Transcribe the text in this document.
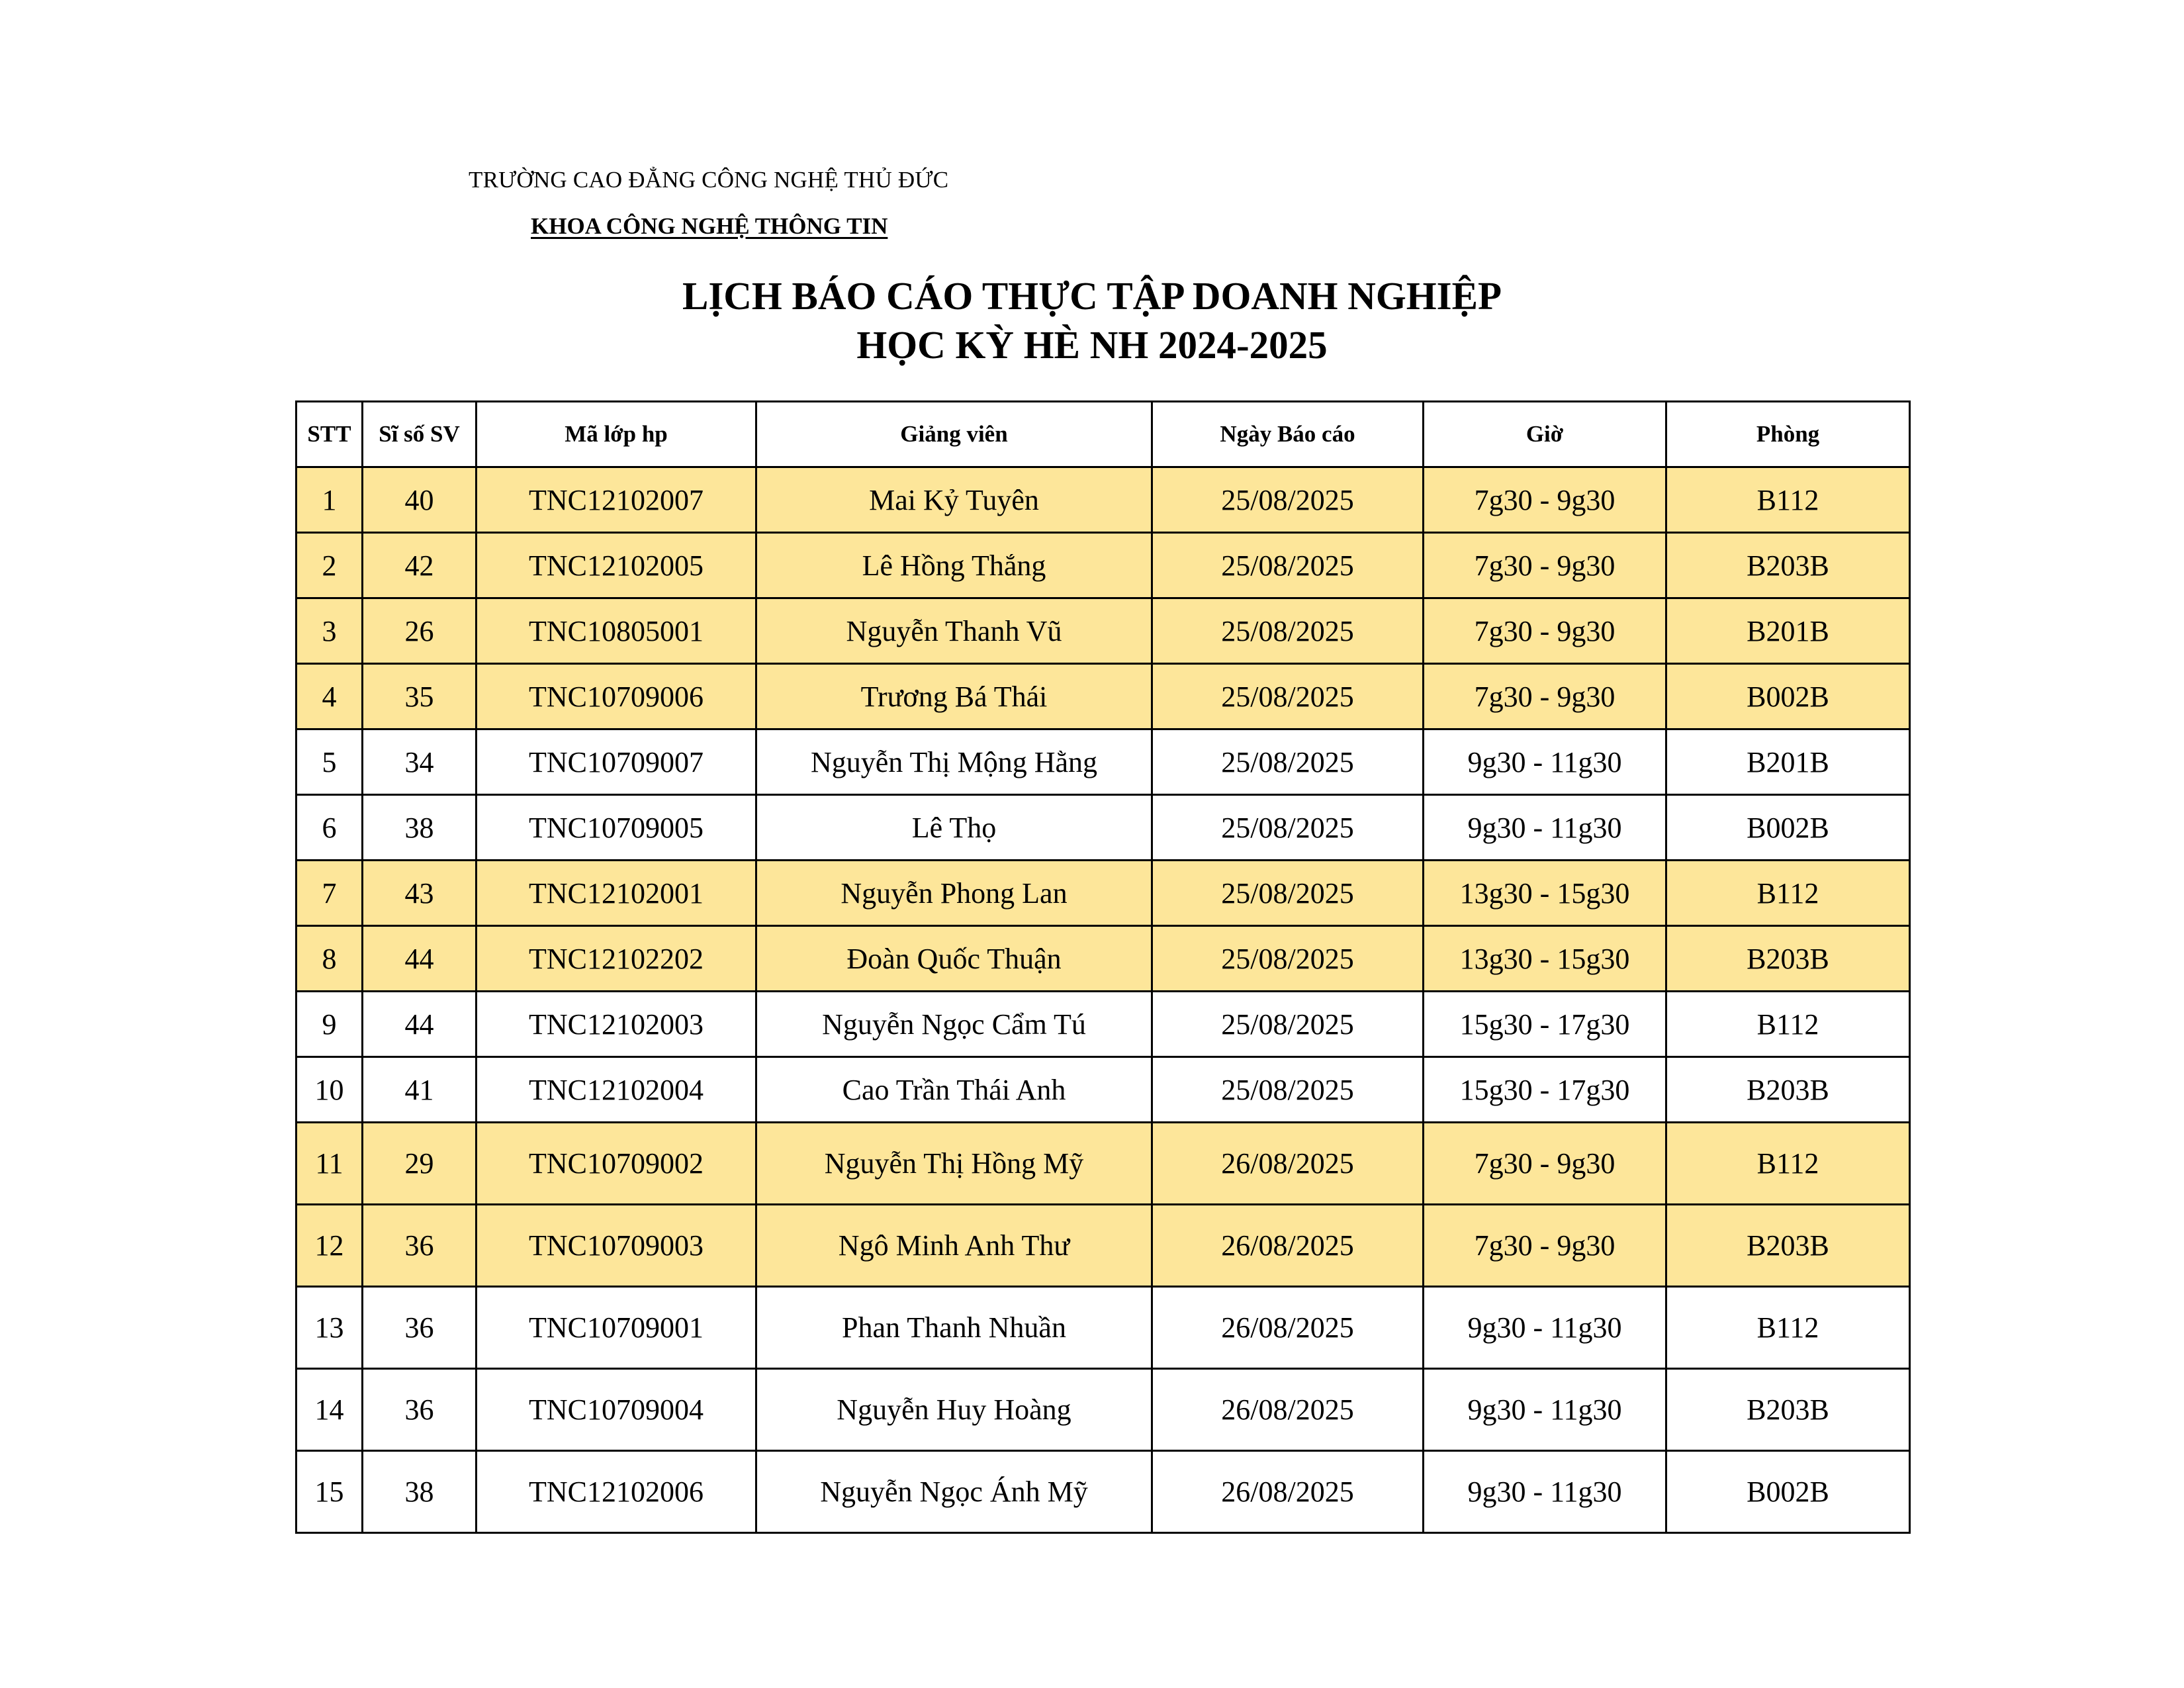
TRƯỜNG CAO ĐẲNG CÔNG NGHỆ THỦ ĐỨC
KHOA CÔNG NGHỆ THÔNG TIN
LỊCH BÁO CÁO THỰC TẬP DOANH NGHIỆP
HỌC KỲ HÈ NH 2024-2025
STT	Sĩ số SV	Mã lớp hp	Giảng viên	Ngày Báo cáo	Giờ	Phòng
1	40	TNC12102007	Mai Kỷ Tuyên	25/08/2025	7g30 - 9g30	B112
2	42	TNC12102005	Lê Hồng Thắng	25/08/2025	7g30 - 9g30	B203B
3	26	TNC10805001	Nguyễn Thanh Vũ	25/08/2025	7g30 - 9g30	B201B
4	35	TNC10709006	Trương Bá Thái	25/08/2025	7g30 - 9g30	B002B
5	34	TNC10709007	Nguyễn Thị Mộng Hằng	25/08/2025	9g30 - 11g30	B201B
6	38	TNC10709005	Lê Thọ	25/08/2025	9g30 - 11g30	B002B
7	43	TNC12102001	Nguyễn Phong Lan	25/08/2025	13g30 - 15g30	B112
8	44	TNC12102202	Đoàn Quốc Thuận	25/08/2025	13g30 - 15g30	B203B
9	44	TNC12102003	Nguyễn Ngọc Cẩm Tú	25/08/2025	15g30 - 17g30	B112
10	41	TNC12102004	Cao Trần Thái Anh	25/08/2025	15g30 - 17g30	B203B
11	29	TNC10709002	Nguyễn Thị Hồng Mỹ	26/08/2025	7g30 - 9g30	B112
12	36	TNC10709003	Ngô Minh Anh Thư	26/08/2025	7g30 - 9g30	B203B
13	36	TNC10709001	Phan Thanh Nhuần	26/08/2025	9g30 - 11g30	B112
14	36	TNC10709004	Nguyễn Huy Hoàng	26/08/2025	9g30 - 11g30	B203B
15	38	TNC12102006	Nguyễn Ngọc Ánh Mỹ	26/08/2025	9g30 - 11g30	B002B
